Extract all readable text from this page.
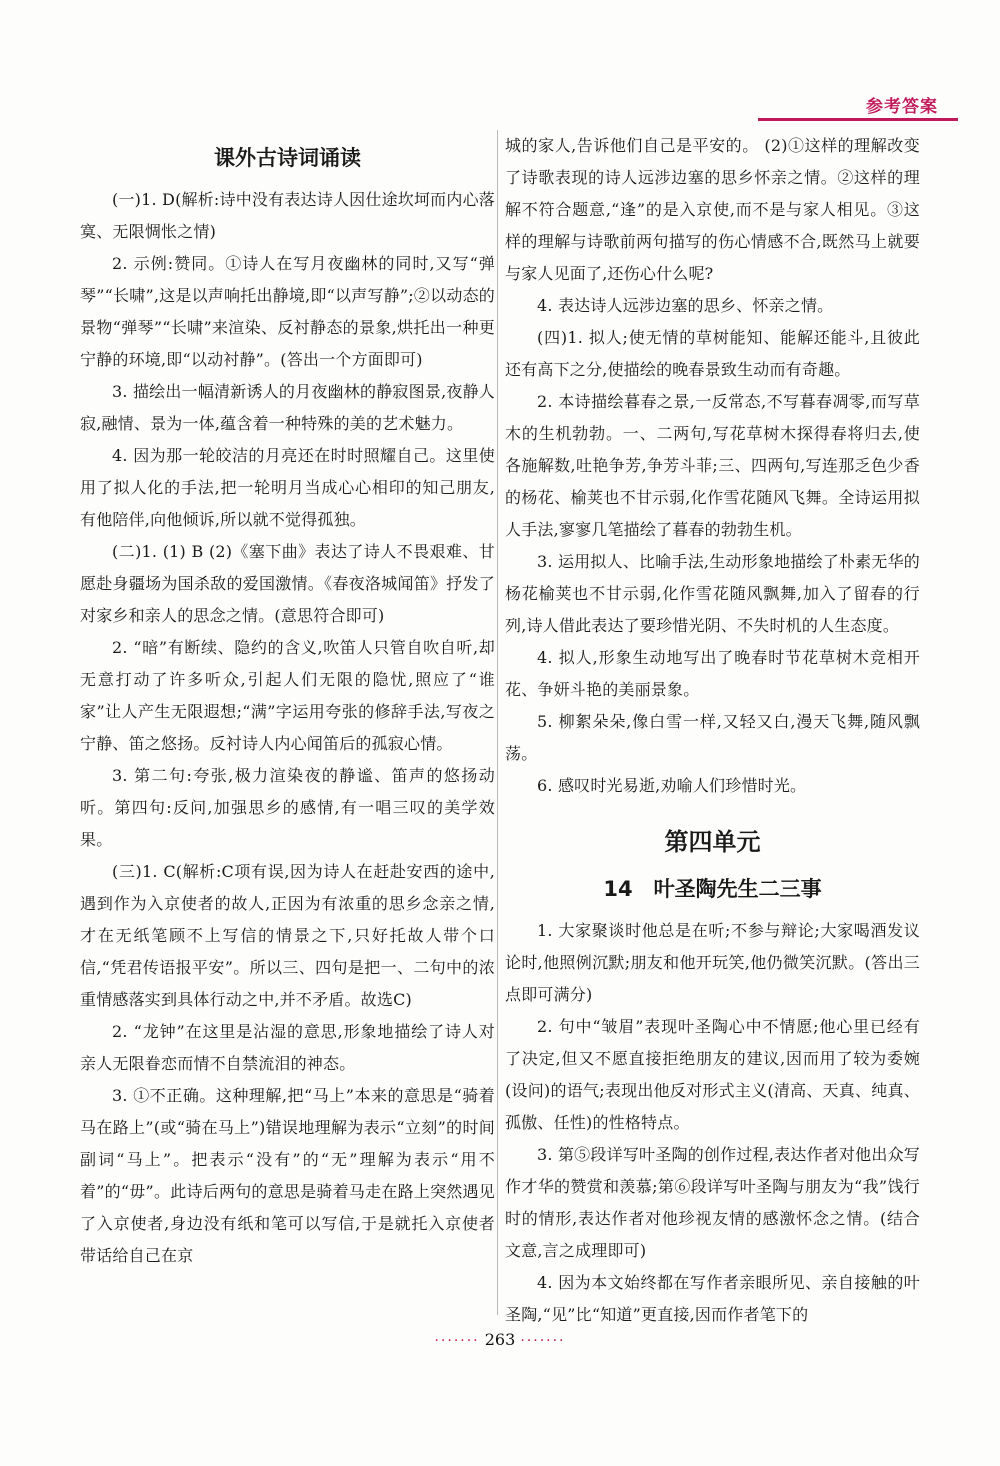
参考答案
课外古诗词诵读

(一)1. D(解析:诗中没有表达诗人因仕途坎坷而内心落寞、无限惆怅之情)

2. 示例:赞同。①诗人在写月夜幽林的同时,又写“弹琴”“长啸”,这是以声响托出静境,即“以声写静”;②以动态的景物“弹琴”“长啸”来渲染、反衬静态的景象,烘托出一种更宁静的环境,即“以动衬静”。(答出一个方面即可)

3. 描绘出一幅清新诱人的月夜幽林的静寂图景,夜静人寂,融情、景为一体,蕴含着一种特殊的美的艺术魅力。

4. 因为那一轮皎洁的月亮还在时时照耀自己。这里使用了拟人化的手法,把一轮明月当成心心相印的知己朋友,有他陪伴,向他倾诉,所以就不觉得孤独。

(二)1. (1) B (2)《塞下曲》表达了诗人不畏艰难、甘愿赴身疆场为国杀敌的爱国激情。《春夜洛城闻笛》抒发了对家乡和亲人的思念之情。(意思符合即可)

2. “暗”有断续、隐约的含义,吹笛人只管自吹自听,却无意打动了许多听众,引起人们无限的隐忧,照应了“谁家”让人产生无限遐想;“满”字运用夸张的修辞手法,写夜之宁静、笛之悠扬。反衬诗人内心闻笛后的孤寂心情。

3. 第二句:夸张,极力渲染夜的静谧、笛声的悠扬动听。第四句:反问,加强思乡的感情,有一唱三叹的美学效果。

(三)1. C(解析:C项有误,因为诗人在赶赴安西的途中,遇到作为入京使者的故人,正因为有浓重的思乡念亲之情,才在无纸笔顾不上写信的情景之下,只好托故人带个口信,“凭君传语报平安”。所以三、四句是把一、二句中的浓重情感落实到具体行动之中,并不矛盾。故选C)

2. “龙钟”在这里是沾湿的意思,形象地描绘了诗人对亲人无限眷恋而情不自禁流泪的神态。

3. ①不正确。这种理解,把“马上”本来的意思是“骑着马在路上”(或“骑在马上”)错误地理解为表示“立刻”的时间副词“马上”。把表示“没有”的“无”理解为表示“用不着”的“毋”。此诗后两句的意思是骑着马走在路上突然遇见了入京使者,身边没有纸和笔可以写信,于是就托入京使者带话给自己在京

城的家人,告诉他们自己是平安的。 (2)①这样的理解改变了诗歌表现的诗人远涉边塞的思乡怀亲之情。②这样的理解不符合题意,“逢”的是入京使,而不是与家人相见。③这样的理解与诗歌前两句描写的伤心情感不合,既然马上就要与家人见面了,还伤心什么呢?

4. 表达诗人远涉边塞的思乡、怀亲之情。

(四)1. 拟人;使无情的草树能知、能解还能斗,且彼此还有高下之分,使描绘的晚春景致生动而有奇趣。

2. 本诗描绘暮春之景,一反常态,不写暮春凋零,而写草木的生机勃勃。一、二两句,写花草树木探得春将归去,使各施解数,吐艳争芳,争芳斗菲;三、四两句,写连那乏色少香的杨花、榆荚也不甘示弱,化作雪花随风飞舞。全诗运用拟人手法,寥寥几笔描绘了暮春的勃勃生机。

3. 运用拟人、比喻手法,生动形象地描绘了朴素无华的杨花榆荚也不甘示弱,化作雪花随风飘舞,加入了留春的行列,诗人借此表达了要珍惜光阴、不失时机的人生态度。

4. 拟人,形象生动地写出了晚春时节花草树木竞相开花、争妍斗艳的美丽景象。

5. 柳絮朵朵,像白雪一样,又轻又白,漫天飞舞,随风飘荡。

6. 感叹时光易逝,劝喻人们珍惜时光。

第四单元
14　叶圣陶先生二三事

1. 大家聚谈时他总是在听;不参与辩论;大家喝酒发议论时,他照例沉默;朋友和他开玩笑,他仍微笑沉默。(答出三点即可满分)

2. 句中“皱眉”表现叶圣陶心中不情愿;他心里已经有了决定,但又不愿直接拒绝朋友的建议,因而用了较为委婉(设问)的语气;表现出他反对形式主义(清高、天真、纯真、孤傲、任性)的性格特点。

3. 第⑤段详写叶圣陶的创作过程,表达作者对他出众写作才华的赞赏和羡慕;第⑥段详写叶圣陶与朋友为“我”饯行时的情形,表达作者对他珍视友情的感激怀念之情。(结合文意,言之成理即可)

4. 因为本文始终都在写作者亲眼所见、亲自接触的叶圣陶,“见”比“知道”更直接,因而作者笔下的

······· 263 ·······
